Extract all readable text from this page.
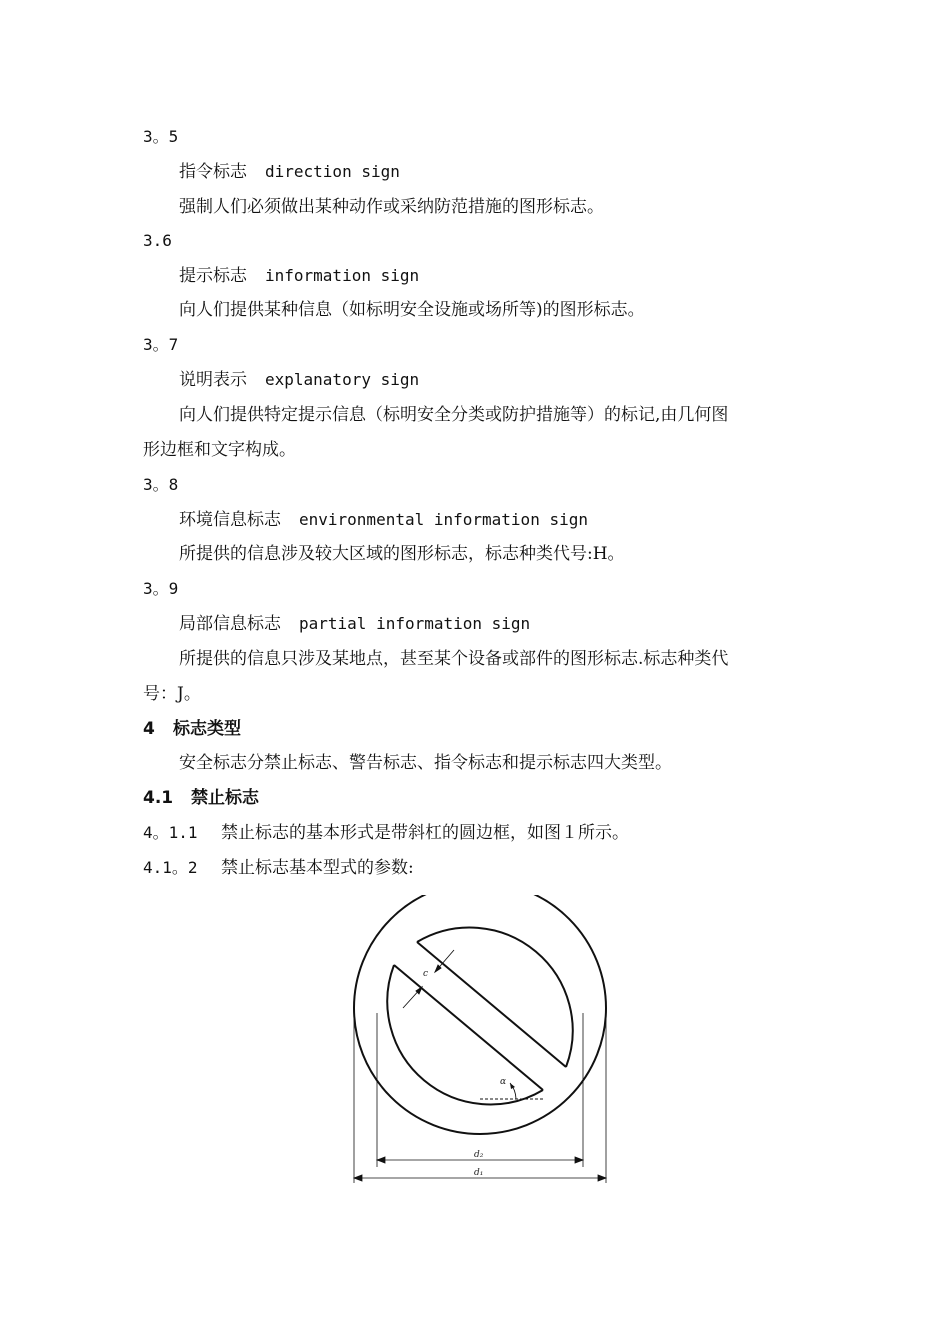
3。5
指令标志 direction sign
强制人们必须做出某种动作或采纳防范措施的图形标志。
3.6
提示标志 information sign
向人们提供某种信息（如标明安全设施或场所等)的图形标志。
3。7
说明表示 explanatory sign
向人们提供特定提示信息（标明安全分类或防护措施等）的标记,由几何图
形边框和文字构成。
3。8
环境信息标志 environmental information sign
所提供的信息涉及较大区域的图形标志，标志种类代号:H。
3。9
局部信息标志 partial information sign
所提供的信息只涉及某地点，甚至某个设备或部件的图形标志.标志种类代
号：J。
4 标志类型
安全标志分禁止标志、警告标志、指令标志和提示标志四大类型。
4.1 禁止标志
4。1.1 禁止标志的基本形式是带斜杠的圆边框，如图１所示。
4.1。2 禁止标志基本型式的参数:
c
α
d₂
d₁
